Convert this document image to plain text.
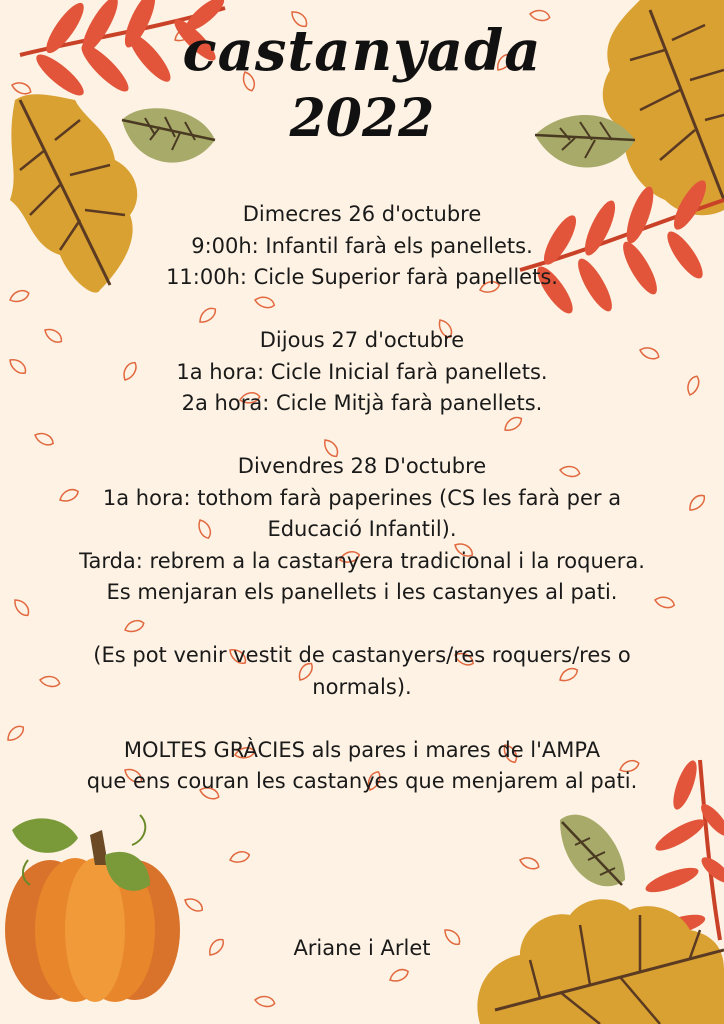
castanyada
2022
Dimecres 26 d'octubre
9:00h: Infantil farà els panellets.
11:00h: Cicle Superior farà panellets.
Dijous 27 d'octubre
1a hora: Cicle Inicial farà panellets.
2a hora: Cicle Mitjà farà panellets.
Divendres 28 D'octubre
1a hora: tothom farà paperines (CS les farà per a
Educació Infantil).
Tarda: rebrem a la castanyera tradicional i la roquera.
Es menjaran els panellets i les castanyes al pati.
(Es pot venir vestit de castanyers/res roquers/res o
normals).
MOLTES GRÀCIES als pares i mares de l'AMPA
que ens couran les castanyes que menjarem al pati.
Ariane i Arlet
